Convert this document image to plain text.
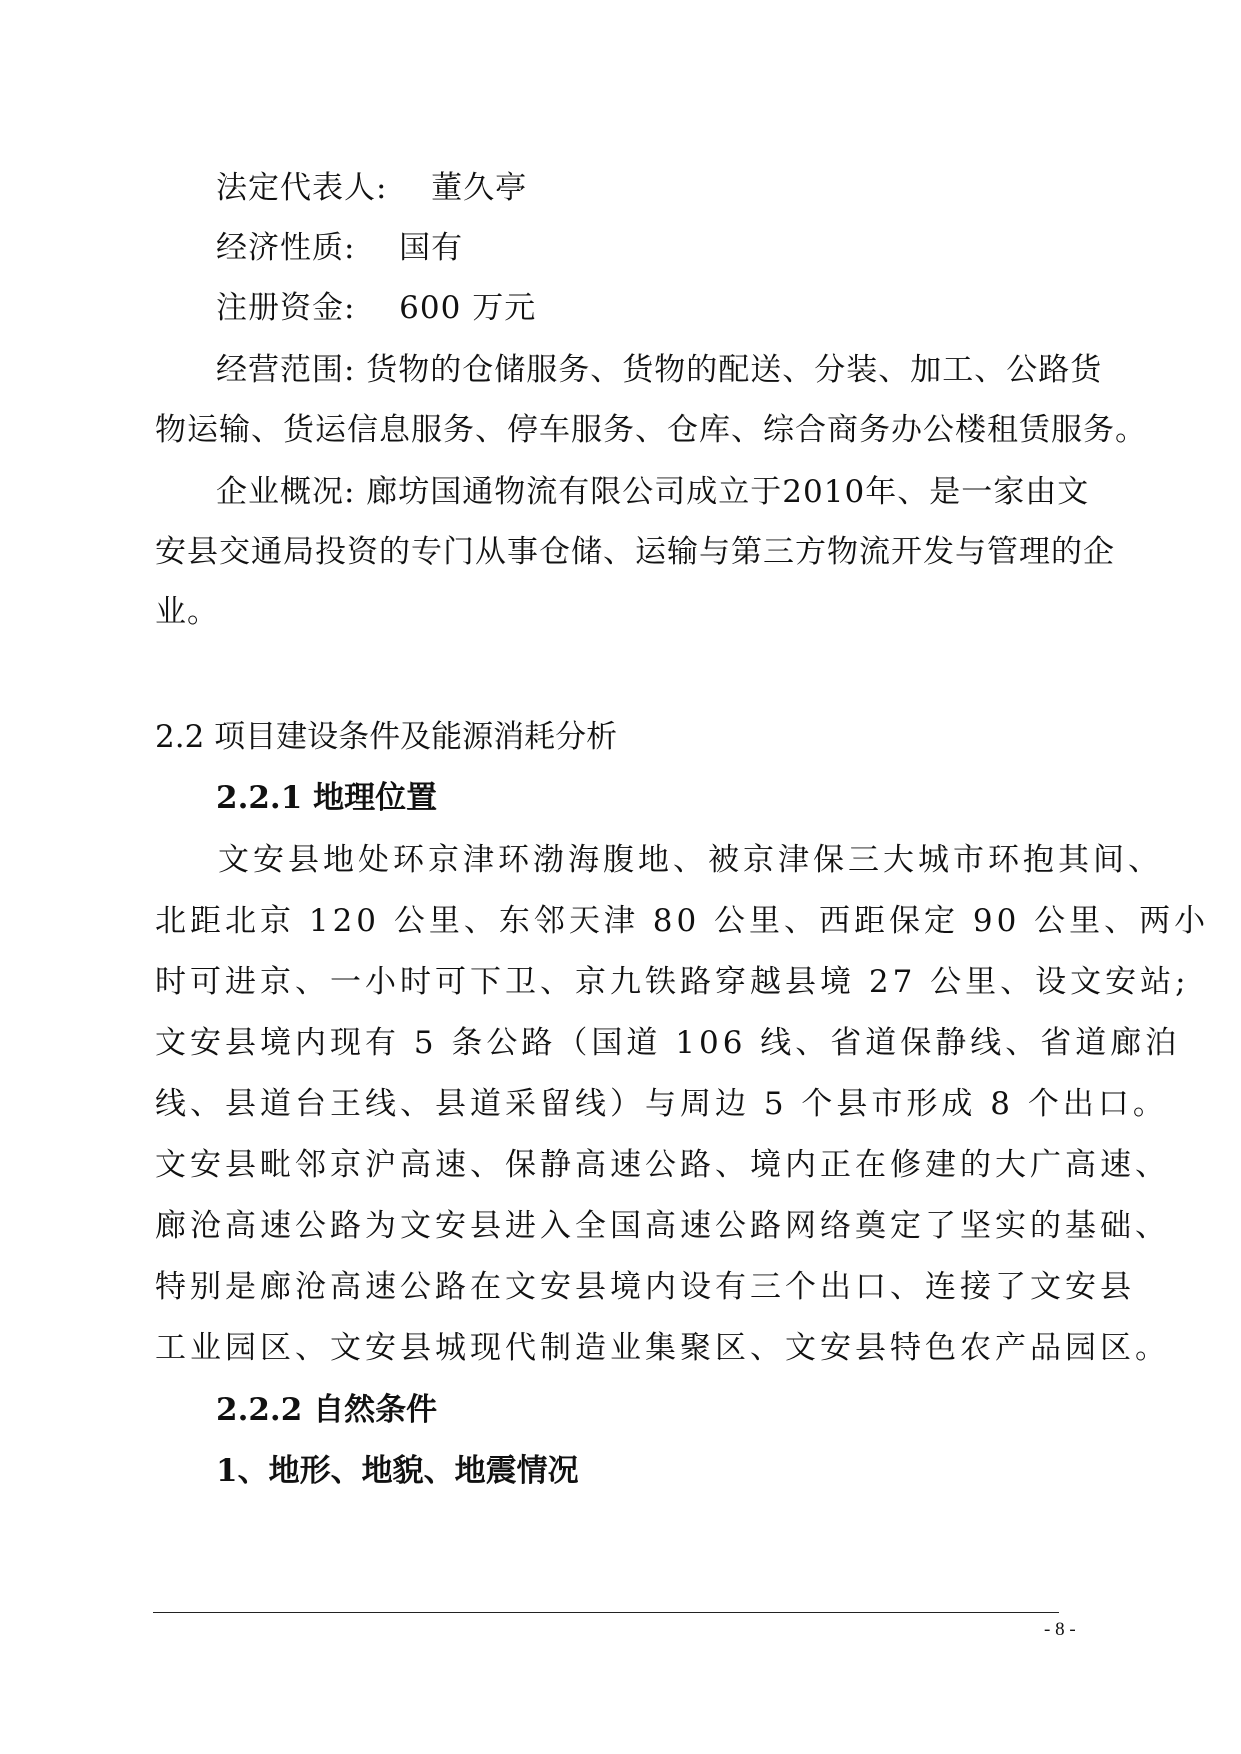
法定代表人: 董久亭
经济性质: 国有
注册资金: 600 万元
经营范围: 货物的仓储服务、货物的配送、分装、加工、公路货
物运输、货运信息服务、停车服务、仓库、综合商务办公楼租赁服务。
企业概况: 廊坊国通物流有限公司成立于2010年、是一家由文
安县交通局投资的专门从事仓储、运输与第三方物流开发与管理的企
业。
2.2 项目建设条件及能源消耗分析
2.2.1 地理位置
文安县地处环京津环渤海腹地、被京津保三大城市环抱其间、
北距北京 120 公里、东邻天津 80 公里、西距保定 90 公里、两小
时可进京、一小时可下卫、京九铁路穿越县境 27 公里、设文安站;
文安县境内现有 5 条公路（国道 106 线、省道保静线、省道廊泊
线、县道台王线、县道采留线）与周边 5 个县市形成 8 个出口。
文安县毗邻京沪高速、保静高速公路、境内正在修建的大广高速、
廊沧高速公路为文安县进入全国高速公路网络奠定了坚实的基础、
特别是廊沧高速公路在文安县境内设有三个出口、连接了文安县
工业园区、文安县城现代制造业集聚区、文安县特色农产品园区。
2.2.2 自然条件
1、地形、地貌、地震情况
- 8 -
